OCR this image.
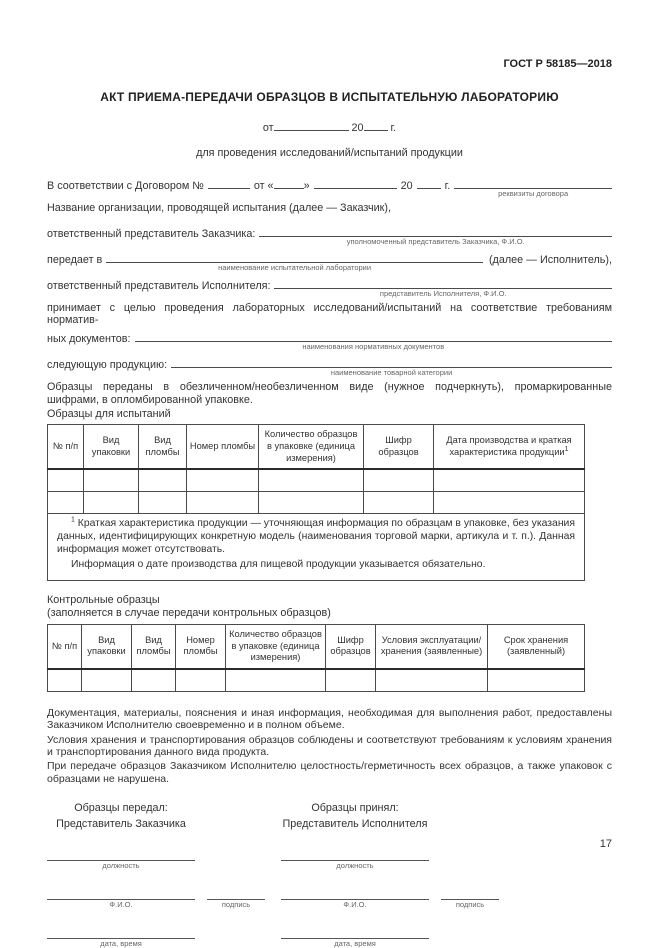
ГОСТ Р 58185—2018
АКТ ПРИЕМА-ПЕРЕДАЧИ ОБРАЗЦОВ В ИСПЫТАТЕЛЬНУЮ ЛАБОРАТОРИЮ
от	20	г.
для проведения исследований/испытаний продукции
В соответствии с Договором №	от «	»	20	г.
реквизиты договора
Название организации, проводящей испытания (далее — Заказчик),
ответственный представитель Заказчика:
уполномоченный представитель Заказчика, Ф.И.О.
передает в
наименование испытательной лаборатории
(далее — Исполнитель),
ответственный представитель Исполнителя:
представитель Исполнителя, Ф.И.О.
принимает с целью проведения лабораторных исследований/испытаний на соответствие требованиям норматив-
ных документов:
наименования нормативных документов
следующую продукцию:
наименование товарной категории
Образцы переданы в обезличенном/необезличенном виде (нужное подчеркнуть), промаркированные шифрами, в опломбированной упаковке.
Образцы для испытаний
№ п/п	Вид упаковки	Вид пломбы	Номер пломбы	Количество образцов в упаковке (единица измерения)	Шифр образцов	Дата производства и краткая характеристика продукции$^1$

$^1$ Краткая характеристика продукции — уточняющая информация по образцам в упаковке, без указания данных, идентифицирующих конкретную модель (наименования торговой марки, артикула и т. п.). Данная информация может отсутствовать.

Информация о дате производства для пищевой продукции указывается обязательно.						

Контрольные образцы
(заполняется в случае передачи контрольных образцов)
№ п/п	Вид упаковки	Вид пломбы	Номер пломбы	Количество образцов в упаковке (единица измерения)	Шифр образцов	Условия эксплуатации/хранения (заявленные)	Срок хранения (заявленный)

Документация, материалы, пояснения и иная информация, необходимая для выполнения работ, предоставлены Заказчиком Исполнителю своевременно и в полном объеме.

Условия хранения и транспортирования образцов соблюдены и соответствуют требованиям к условиям хранения и транспортирования данного вида продукта.

При передаче образцов Заказчиком Исполнителю целостность/герметичность всех образцов, а также упаковок с образцами не нарушена.

Образцы передал:
Представитель Заказчика
должность
Ф.И.О.	подпись
дата, время
Образцы принял:
Представитель Исполнителя
должность
Ф.И.О.	подпись
дата, время
17
